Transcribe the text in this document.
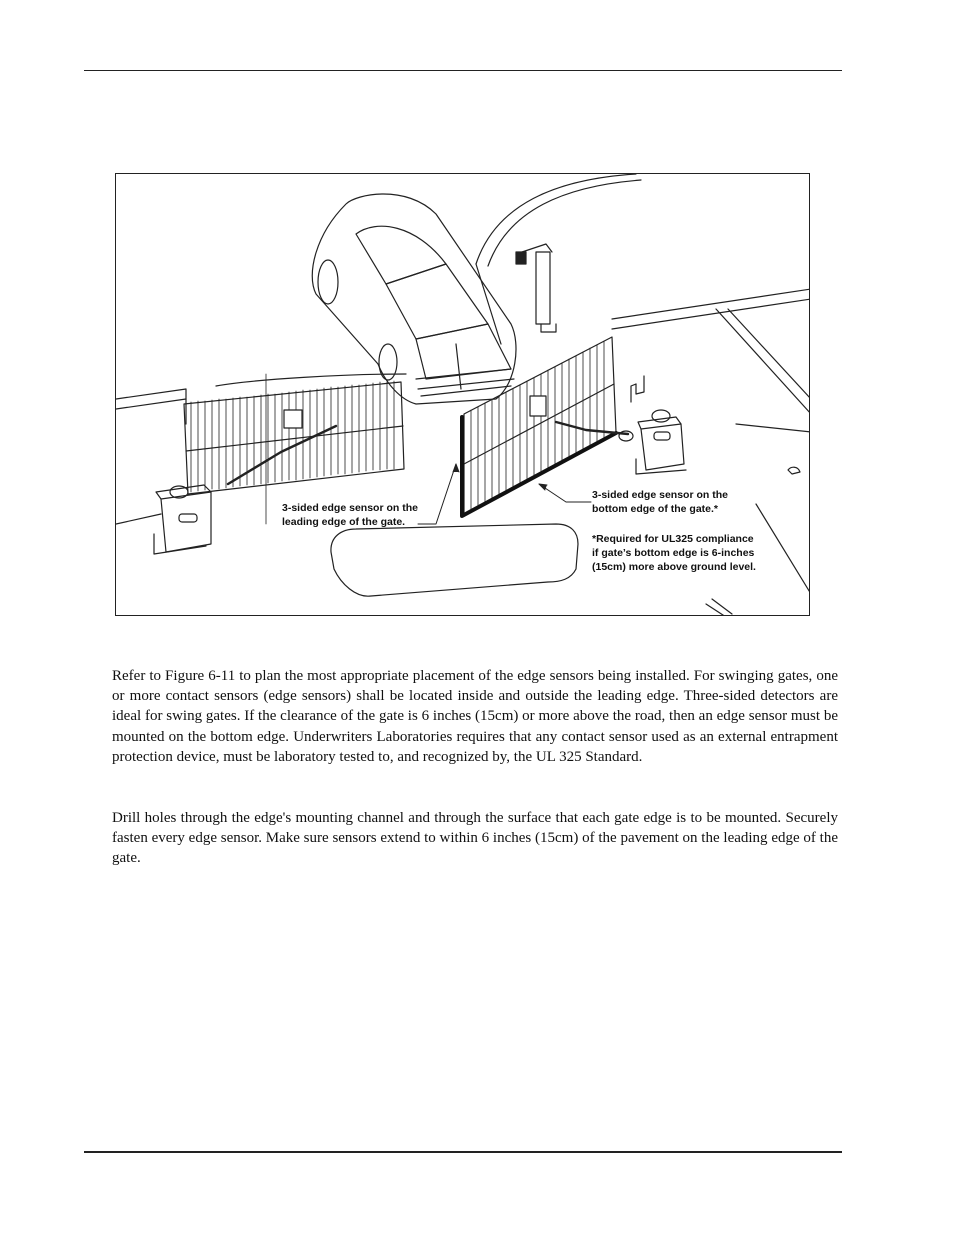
3-sided edge sensor on the
leading edge of the gate.
3-sided edge sensor on the
bottom edge of the gate.*
*Required for UL325 compliance
if gate’s bottom edge is 6-inches
(15cm) more above ground level.

Refer to Figure 6-11 to plan the most appropriate placement of the edge sensors being installed. For swinging gates, one or more contact sensors (edge sensors) shall be located inside and outside the leading edge. Three-sided detectors are ideal for swing gates. If the clearance of the gate is 6 inches (15cm) or more above the road, then an edge sensor must be mounted on the bottom edge. Underwriters Laboratories requires that any contact sensor used as an external entrapment protection device, must be laboratory tested to, and recognized by, the UL 325 Standard.

Drill holes through the edge's mounting channel and through the surface that each gate edge is to be mounted. Securely fasten every edge sensor. Make sure sensors extend to within 6 inches (15cm) of the pavement on the leading edge of the gate.
